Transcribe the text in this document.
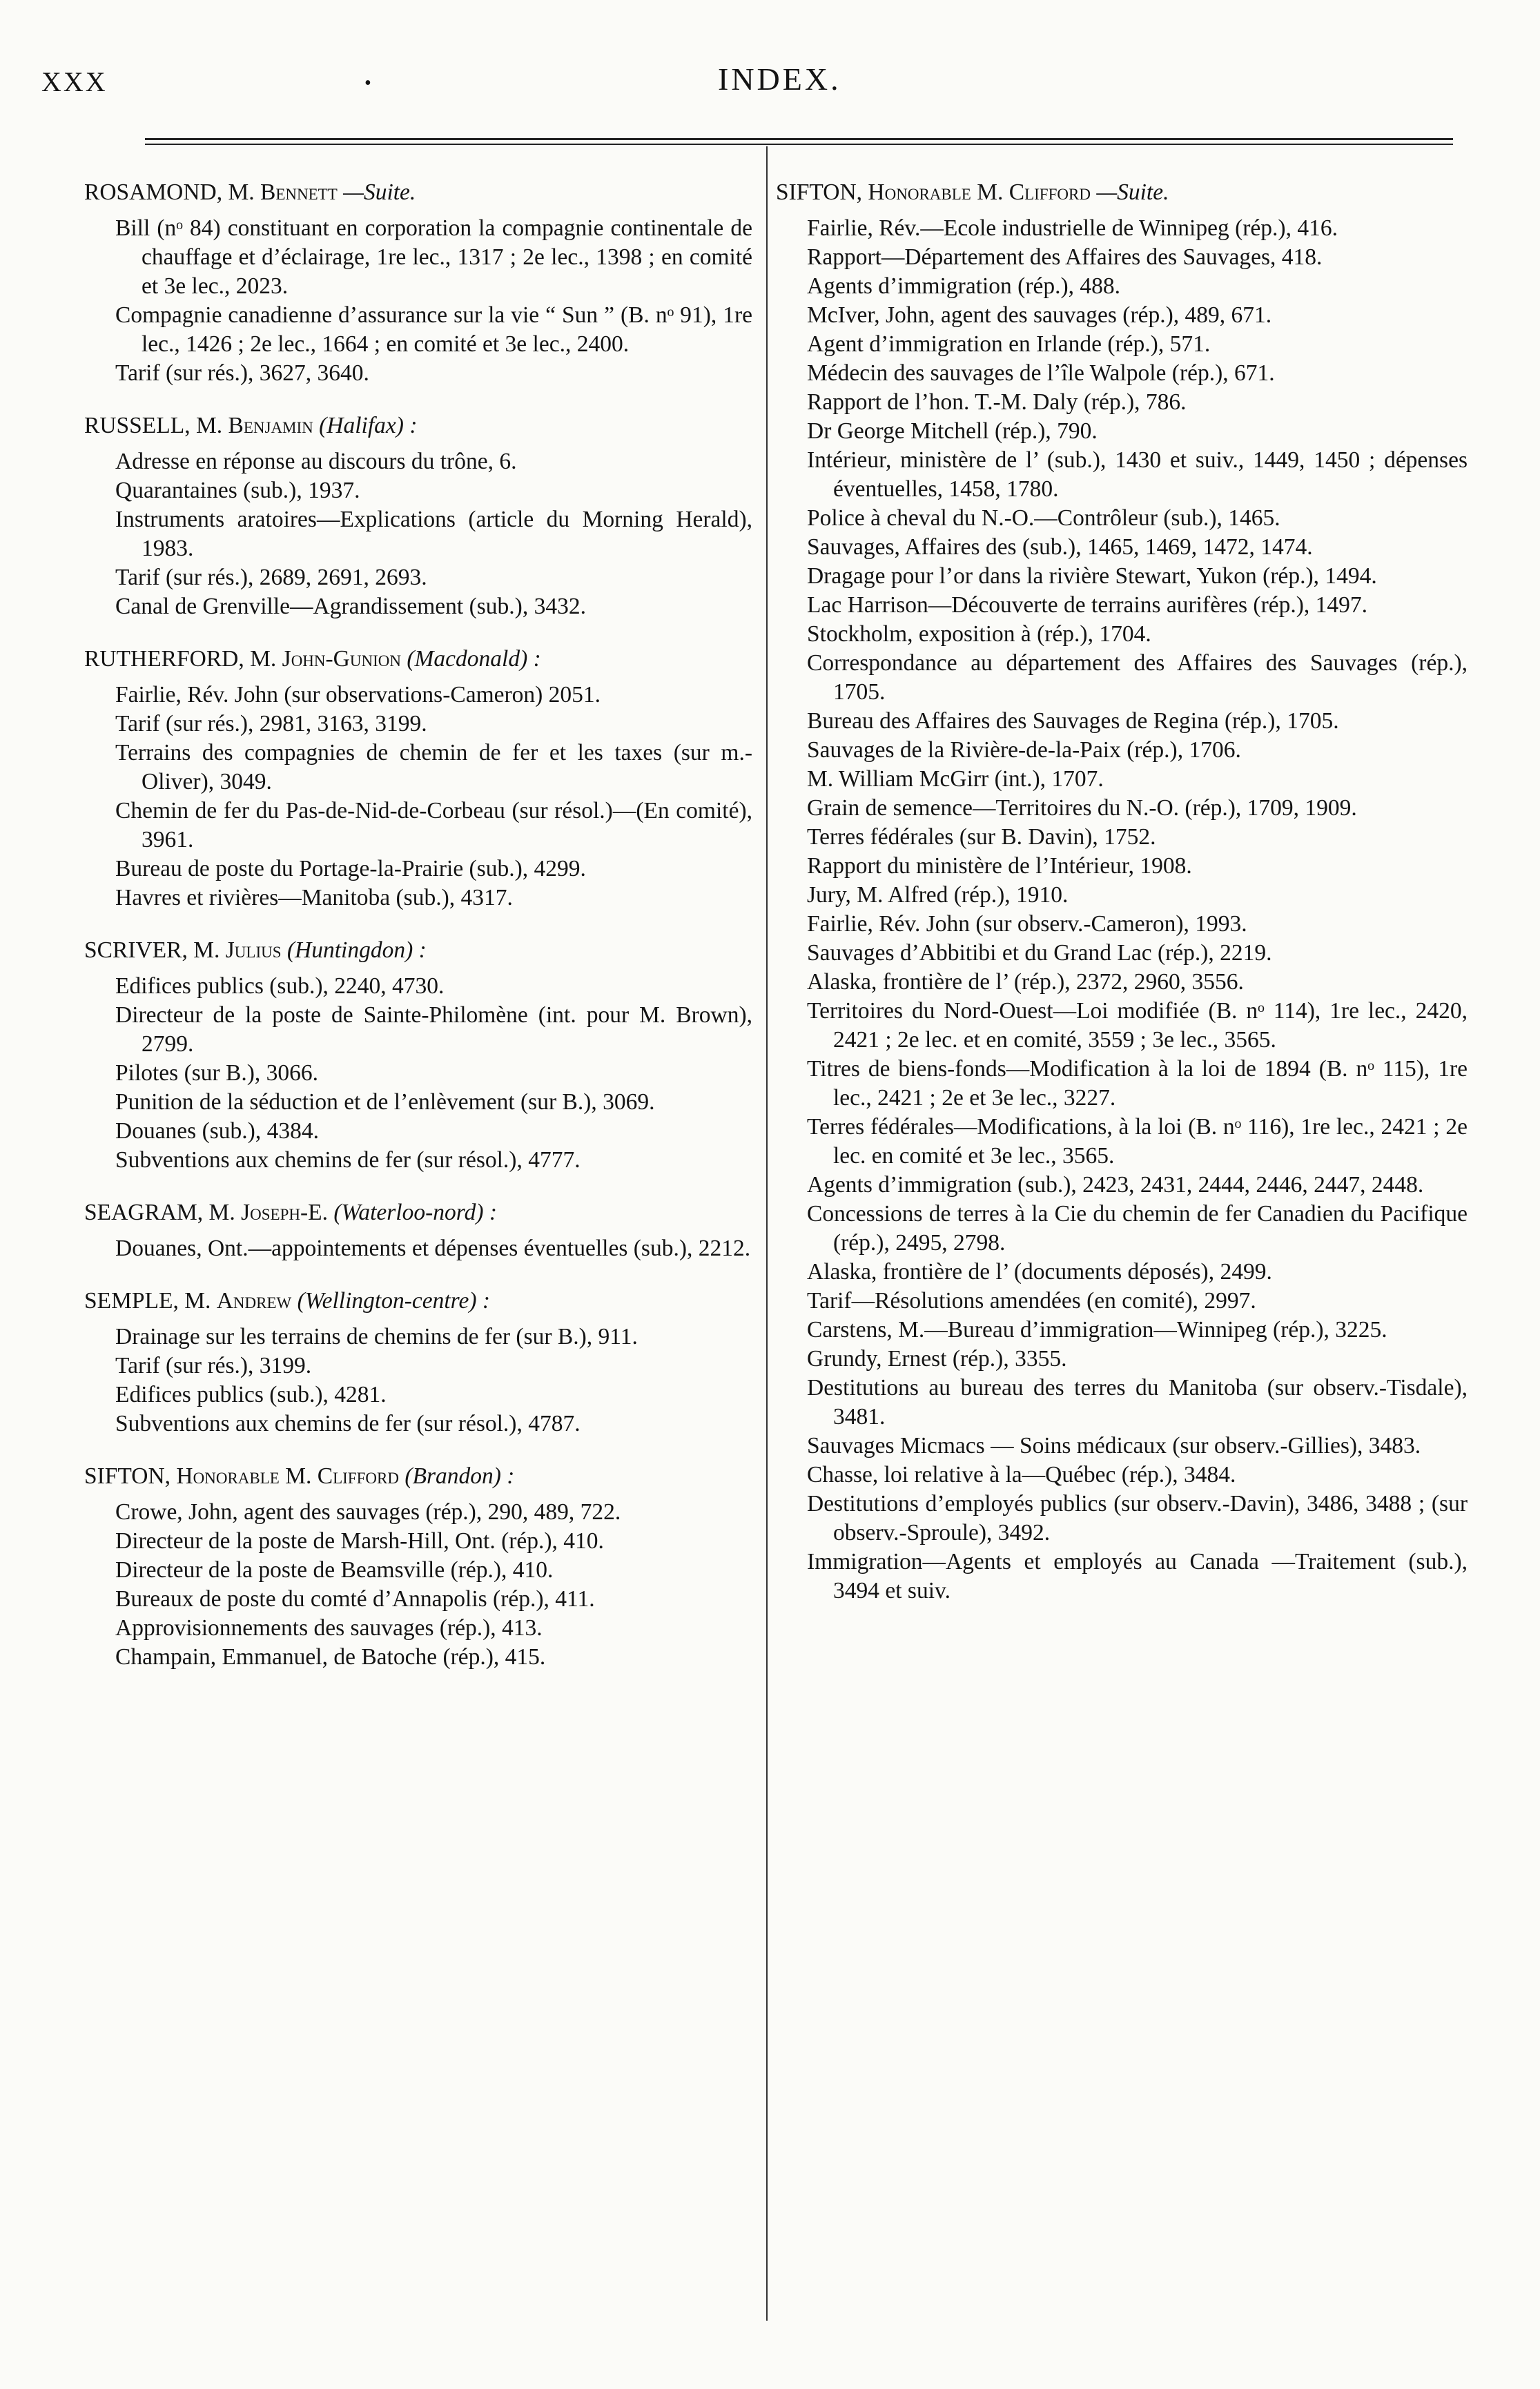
XXX	•	INDEX.
ROSAMOND, M. Bennett —Suite.
Bill (nᵒ 84) constituant en corporation la compagnie continentale de chauffage et d’éclairage, 1re lec., 1317 ; 2e lec., 1398 ; en comité et 3e lec., 2023.
Compagnie canadienne d’assurance sur la vie “ Sun ” (B. nᵒ 91), 1re lec., 1426 ; 2e lec., 1664 ; en comité et 3e lec., 2400.
Tarif (sur rés.), 3627, 3640.
RUSSELL, M. Benjamin (Halifax) :
Adresse en réponse au discours du trône, 6.
Quarantaines (sub.), 1937.
Instruments aratoires—Explications (article du Morning Herald), 1983.
Tarif (sur rés.), 2689, 2691, 2693.
Canal de Grenville—Agrandissement (sub.), 3432.
RUTHERFORD, M. John-Gunion (Macdonald) :
Fairlie, Rév. John (sur observations-Cameron) 2051.
Tarif (sur rés.), 2981, 3163, 3199.
Terrains des compagnies de chemin de fer et les taxes (sur m.-Oliver), 3049.
Chemin de fer du Pas-de-Nid-de-Corbeau (sur résol.)—(En comité), 3961.
Bureau de poste du Portage-la-Prairie (sub.), 4299.
Havres et rivières—Manitoba (sub.), 4317.
SCRIVER, M. Julius (Huntingdon) :
Edifices publics (sub.), 2240, 4730.
Directeur de la poste de Sainte-Philomène (int. pour M. Brown), 2799.
Pilotes (sur B.), 3066.
Punition de la séduction et de l’enlèvement (sur B.), 3069.
Douanes (sub.), 4384.
Subventions aux chemins de fer (sur résol.), 4777.
SEAGRAM, M. Joseph-E. (Waterloo-nord) :
Douanes, Ont.—appointements et dépenses éventuelles (sub.), 2212.
SEMPLE, M. Andrew (Wellington-centre) :
Drainage sur les terrains de chemins de fer (sur B.), 911.
Tarif (sur rés.), 3199.
Edifices publics (sub.), 4281.
Subventions aux chemins de fer (sur résol.), 4787.
SIFTON, Honorable M. Clifford (Brandon) :
Crowe, John, agent des sauvages (rép.), 290, 489, 722.
Directeur de la poste de Marsh-Hill, Ont. (rép.), 410.
Directeur de la poste de Beamsville (rép.), 410.
Bureaux de poste du comté d’Annapolis (rép.), 411.
Approvisionnements des sauvages (rép.), 413.
Champain, Emmanuel, de Batoche (rép.), 415.
SIFTON, Honorable M. Clifford —Suite.
Fairlie, Rév.—Ecole industrielle de Winnipeg (rép.), 416.
Rapport—Département des Affaires des Sauvages, 418.
Agents d’immigration (rép.), 488.
McIver, John, agent des sauvages (rép.), 489, 671.
Agent d’immigration en Irlande (rép.), 571.
Médecin des sauvages de l’île Walpole (rép.), 671.
Rapport de l’hon. T.-M. Daly (rép.), 786.
Dr George Mitchell (rép.), 790.
Intérieur, ministère de l’ (sub.), 1430 et suiv., 1449, 1450 ; dépenses éventuelles, 1458, 1780.
Police à cheval du N.-O.—Contrôleur (sub.), 1465.
Sauvages, Affaires des (sub.), 1465, 1469, 1472, 1474.
Dragage pour l’or dans la rivière Stewart, Yukon (rép.), 1494.
Lac Harrison—Découverte de terrains aurifères (rép.), 1497.
Stockholm, exposition à (rép.), 1704.
Correspondance au département des Affaires des Sauvages (rép.), 1705.
Bureau des Affaires des Sauvages de Regina (rép.), 1705.
Sauvages de la Rivière-de-la-Paix (rép.), 1706.
M. William McGirr (int.), 1707.
Grain de semence—Territoires du N.-O. (rép.), 1709, 1909.
Terres fédérales (sur B. Davin), 1752.
Rapport du ministère de l’Intérieur, 1908.
Jury, M. Alfred (rép.), 1910.
Fairlie, Rév. John (sur observ.-Cameron), 1993.
Sauvages d’Abbitibi et du Grand Lac (rép.), 2219.
Alaska, frontière de l’ (rép.), 2372, 2960, 3556.
Territoires du Nord-Ouest—Loi modifiée (B. nᵒ 114), 1re lec., 2420, 2421 ; 2e lec. et en comité, 3559 ; 3e lec., 3565.
Titres de biens-fonds—Modification à la loi de 1894 (B. nᵒ 115), 1re lec., 2421 ; 2e et 3e lec., 3227.
Terres fédérales—Modifications, à la loi (B. nᵒ 116), 1re lec., 2421 ; 2e lec. en comité et 3e lec., 3565.
Agents d’immigration (sub.), 2423, 2431, 2444, 2446, 2447, 2448.
Concessions de terres à la Cie du chemin de fer Canadien du Pacifique (rép.), 2495, 2798.
Alaska, frontière de l’ (documents déposés), 2499.
Tarif—Résolutions amendées (en comité), 2997.
Carstens, M.—Bureau d’immigration—Winnipeg (rép.), 3225.
Grundy, Ernest (rép.), 3355.
Destitutions au bureau des terres du Manitoba (sur observ.-Tisdale), 3481.
Sauvages Micmacs — Soins médicaux (sur observ.-Gillies), 3483.
Chasse, loi relative à la—Québec (rép.), 3484.
Destitutions d’employés publics (sur observ.-Davin), 3486, 3488 ; (sur observ.-Sproule), 3492.
Immigration—Agents et employés au Canada —Traitement (sub.), 3494 et suiv.
